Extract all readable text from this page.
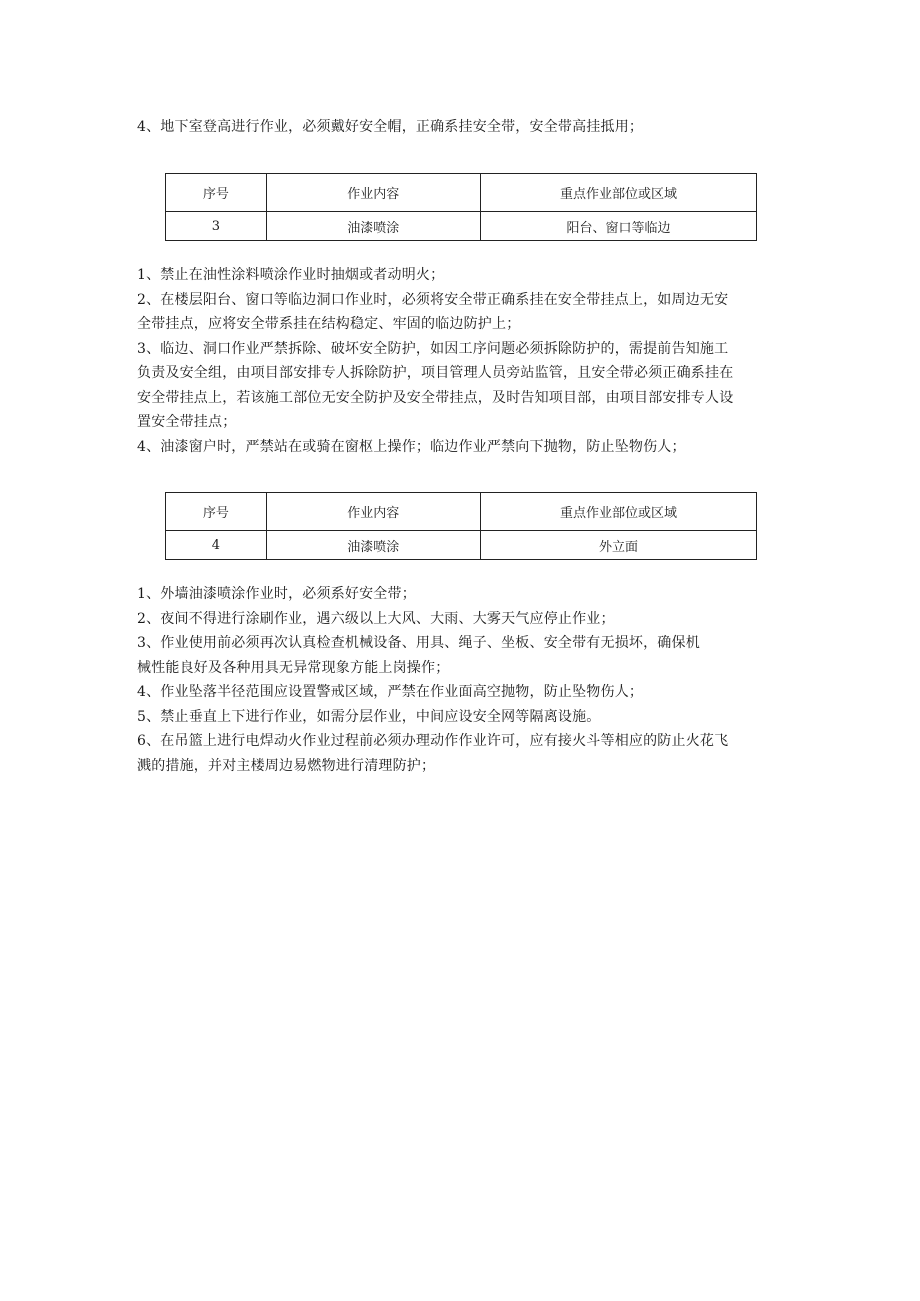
4、地下室登高进行作业，必须戴好安全帽，正确系挂安全带，安全带高挂抵用；

序号	作业内容	重点作业部位或区域
3	油漆喷涂	阳台、窗口等临边

1、禁止在油性涂料喷涂作业时抽烟或者动明火；

2、在楼层阳台、窗口等临边洞口作业时，必须将安全带正确系挂在安全带挂点上，如周边无安

全带挂点，应将安全带系挂在结构稳定、牢固的临边防护上；

3、临边、洞口作业严禁拆除、破坏安全防护，如因工序问题必须拆除防护的，需提前告知施工

负责及安全组，由项目部安排专人拆除防护，项目管理人员旁站监管，且安全带必须正确系挂在

安全带挂点上，若该施工部位无安全防护及安全带挂点，及时告知项目部，由项目部安排专人设

置安全带挂点；

4、油漆窗户时，严禁站在或骑在窗枢上操作；临边作业严禁向下抛物，防止坠物伤人；

序号	作业内容	重点作业部位或区域
4	油漆喷涂	外立面

1、外墙油漆喷涂作业时，必须系好安全带；

2、夜间不得进行涂刷作业，遇六级以上大风、大雨、大雾天气应停止作业；

3、作业使用前必须再次认真检查机械设备、用具、绳子、坐板、安全带有无损坏，确保机

械性能良好及各种用具无异常现象方能上岗操作；

4、作业坠落半径范围应设置警戒区域，严禁在作业面高空抛物，防止坠物伤人；

5、禁止垂直上下进行作业，如需分层作业，中间应设安全网等隔离设施。

6、在吊篮上进行电焊动火作业过程前必须办理动作作业许可，应有接火斗等相应的防止火花飞

溅的措施，并对主楼周边易燃物进行清理防护；
